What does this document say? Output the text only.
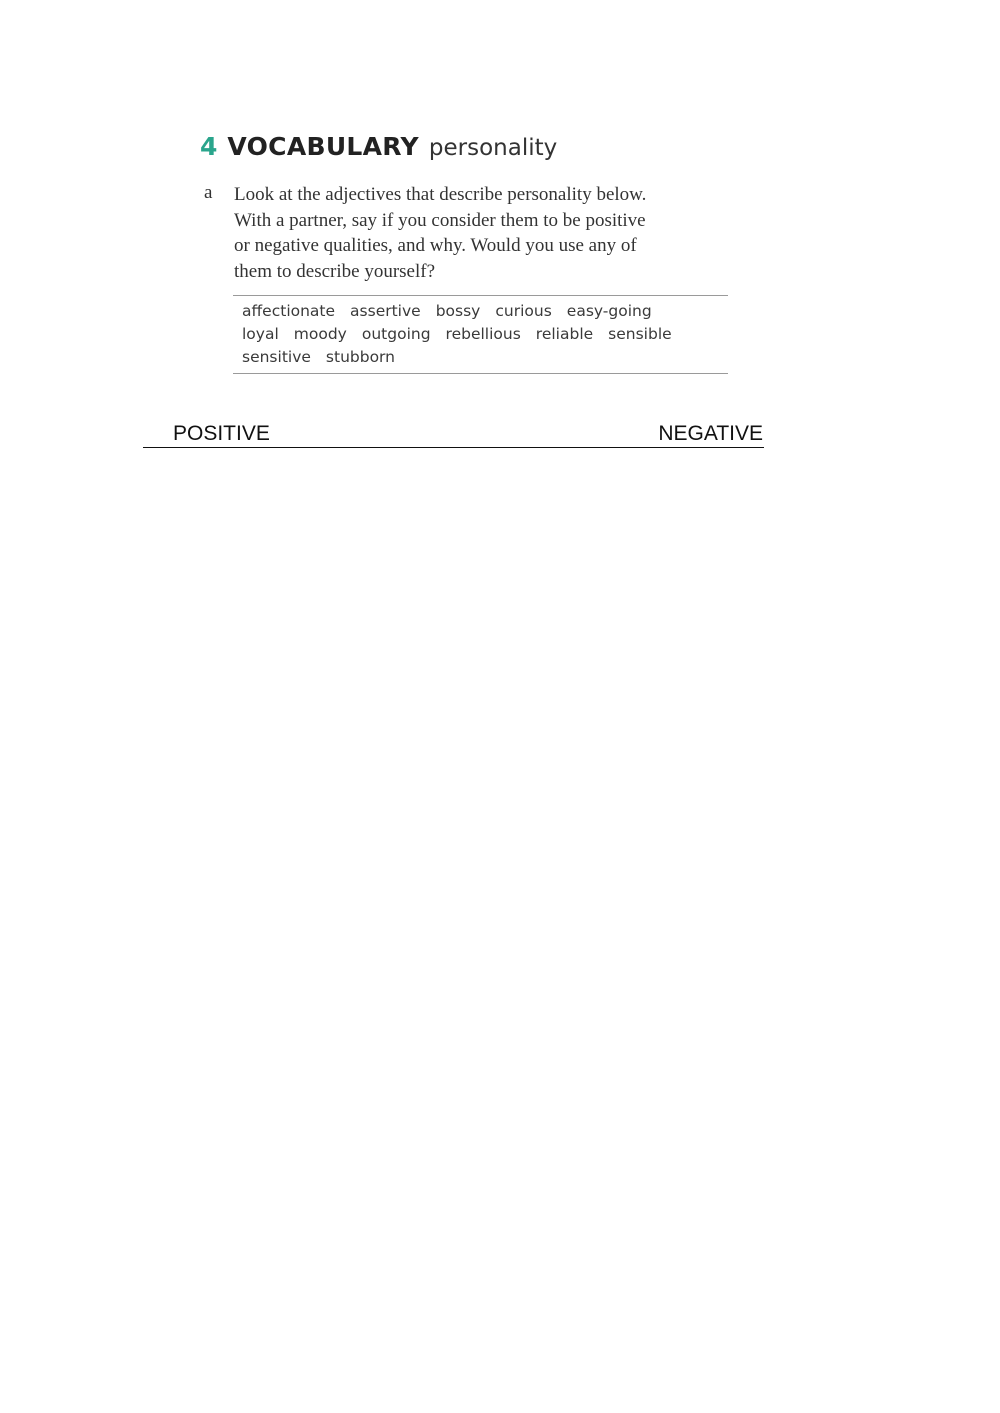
4 VOCABULARY personality
a Look at the adjectives that describe personality below.
With a partner, say if you consider them to be positive
or negative qualities, and why. Would you use any of
them to describe yourself?
affectionate assertive bossy curious easy-going
loyal moody outgoing rebellious reliable sensible
sensitive stubborn
POSITIVE	NEGATIVE
